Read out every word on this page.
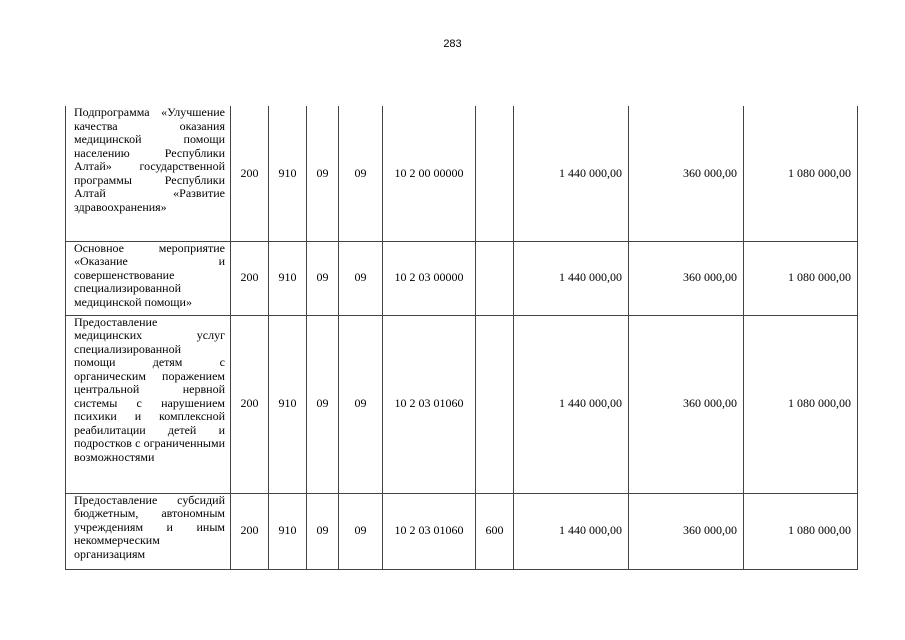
283
Подпрограмма «Улучшение качества оказания медицинской помощи населению Республики Алтай» государственной программы Республики Алтай «Развитие здравоохранения»	200	910	09	09	10 2 00 00000		1 440 000,00	360 000,00	1 080 000,00
Основное мероприятие «Оказание и совершенствование специализированной медицинской помощи»	200	910	09	09	10 2 03 00000		1 440 000,00	360 000,00	1 080 000,00
Предоставление медицинских услуг специализированной помощи детям с органическим поражением центральной нервной системы с нарушением психики и комплексной реабилитации детей и подростков с ограниченными возможностями	200	910	09	09	10 2 03 01060		1 440 000,00	360 000,00	1 080 000,00
Предоставление субсидий бюджетным, автономным учреждениям и иным некоммерческим организациям	200	910	09	09	10 2 03 01060	600	1 440 000,00	360 000,00	1 080 000,00
